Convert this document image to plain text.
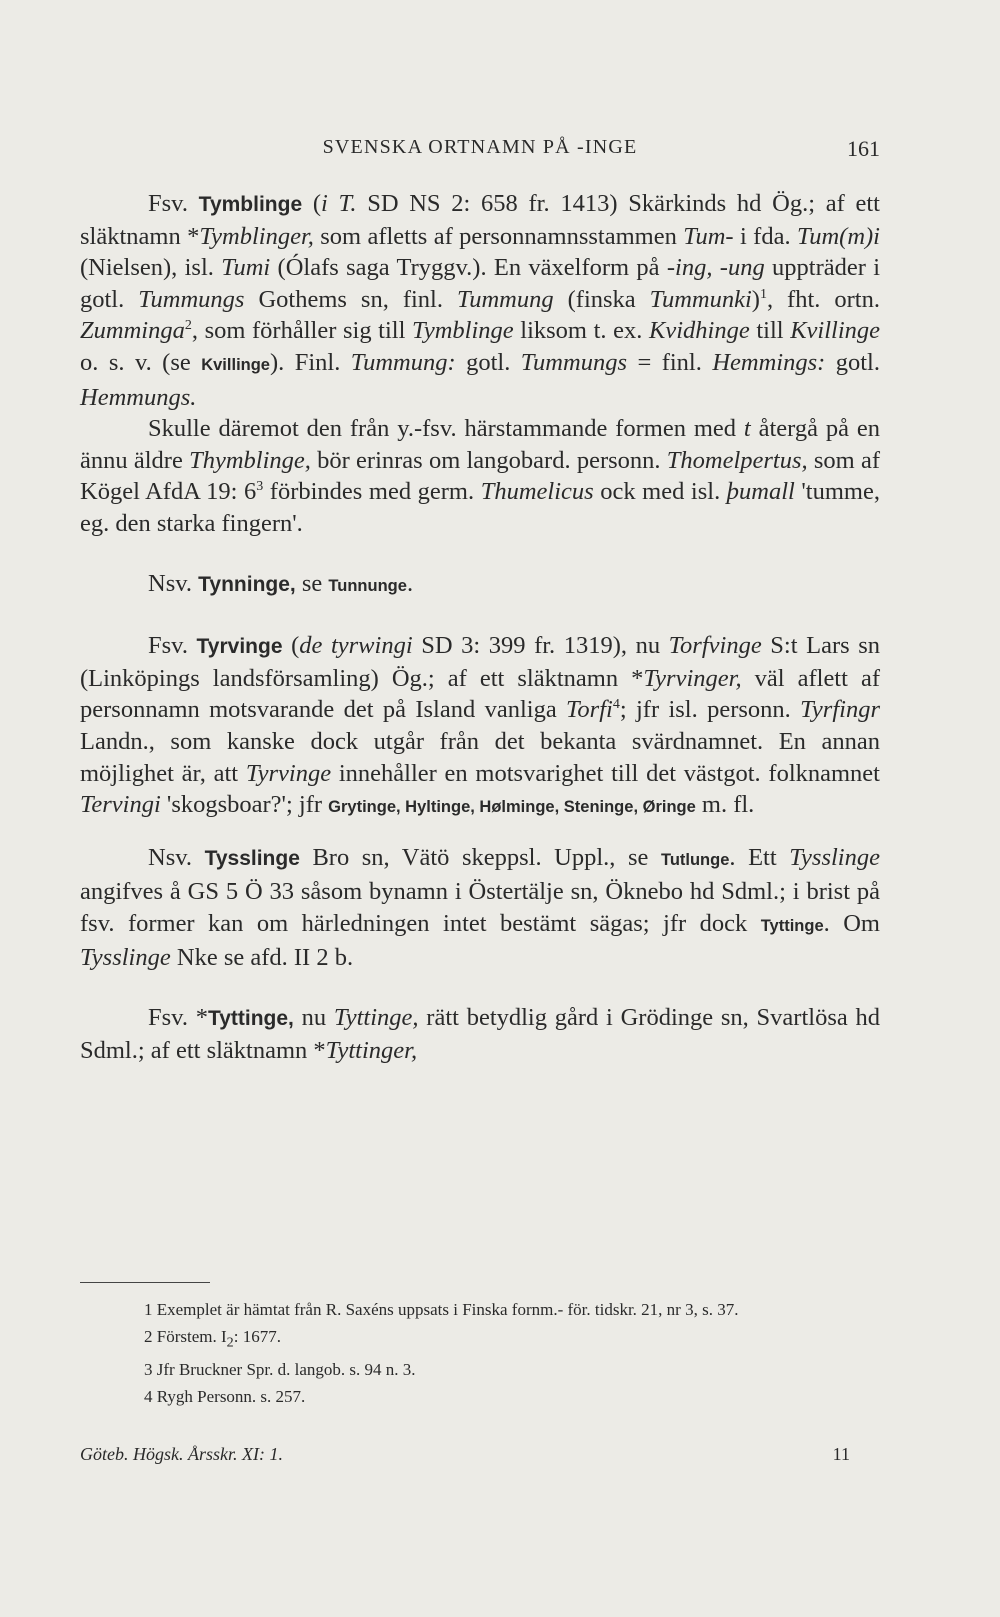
SVENSKA ORTNAMN PÅ -INGE	161

Fsv. Tymblinge (i T. SD NS 2: 658 fr. 1413) Skärkinds hd Ög.; af ett släktnamn *Tymblinger, som afletts af personnamnsstammen Tum- i fda. Tum(m)i (Nielsen), isl. Tumi (Ólafs saga Tryggv.). En växelform på -ing, -ung uppträder i gotl. Tummungs Gothems sn, finl. Tummung (finska Tummunki)$^1$, fht. ortn. Zumminga$^2$, som förhåller sig till Tymblinge liksom t. ex. Kvidhinge till Kvillinge o. s. v. (se Kvillinge). Finl. Tummung: gotl. Tummungs = finl. Hemmings: gotl. Hemmungs.

Skulle däremot den från y.-fsv. härstammande formen med t återgå på en ännu äldre Thymblinge, bör erinras om langobard. personn. Thomelpertus, som af Kögel AfdA 19: $6^3$ förbindes med germ. Thumelicus ock med isl. þumall 'tumme, eg. den starka fingern'.

Nsv. Tynninge, se Tunnunge.

Fsv. Tyrvinge (de tyrwingi SD 3: 399 fr. 1319), nu Torfvinge S:t Lars sn (Linköpings landsförsamling) Ög.; af ett släktnamn *Tyrvinger, väl aflett af personnamn motsvarande det på Island vanliga Torfi$^4$; jfr isl. personn. Tyrfingr Landn., som kanske dock utgår från det bekanta svärdnamnet. En annan möjlighet är, att Tyrvinge innehåller en motsvarighet till det västgot. folknamnet Tervingi 'skogsboar?'; jfr Grytinge, Hyltinge, Hølminge, Steninge, Øringe m. fl.

Nsv. Tysslinge Bro sn, Vätö skeppsl. Uppl., se Tutlunge. Ett Tysslinge angifves å GS 5 Ö 33 såsom bynamn i Östertälje sn, Öknebo hd Sdml.; i brist på fsv. former kan om härledningen intet bestämt sägas; jfr dock Tyttinge. Om Tysslinge Nke se afd. II 2 b.

Fsv. *Tyttinge, nu Tyttinge, rätt betydlig gård i Grödinge sn, Svartlösa hd Sdml.; af ett släktnamn *Tyttinger,

1 Exemplet är hämtat från R. Saxéns uppsats i Finska fornm.- för. tidskr. 21, nr 3, s. 37.
2 Förstem. $I_2$: 1677.
3 Jfr Bruckner Spr. d. langob. s. 94 n. 3.
4 Rygh Personn. s. 257.
Göteb. Högsk. Årsskr. XI: 1.	11
